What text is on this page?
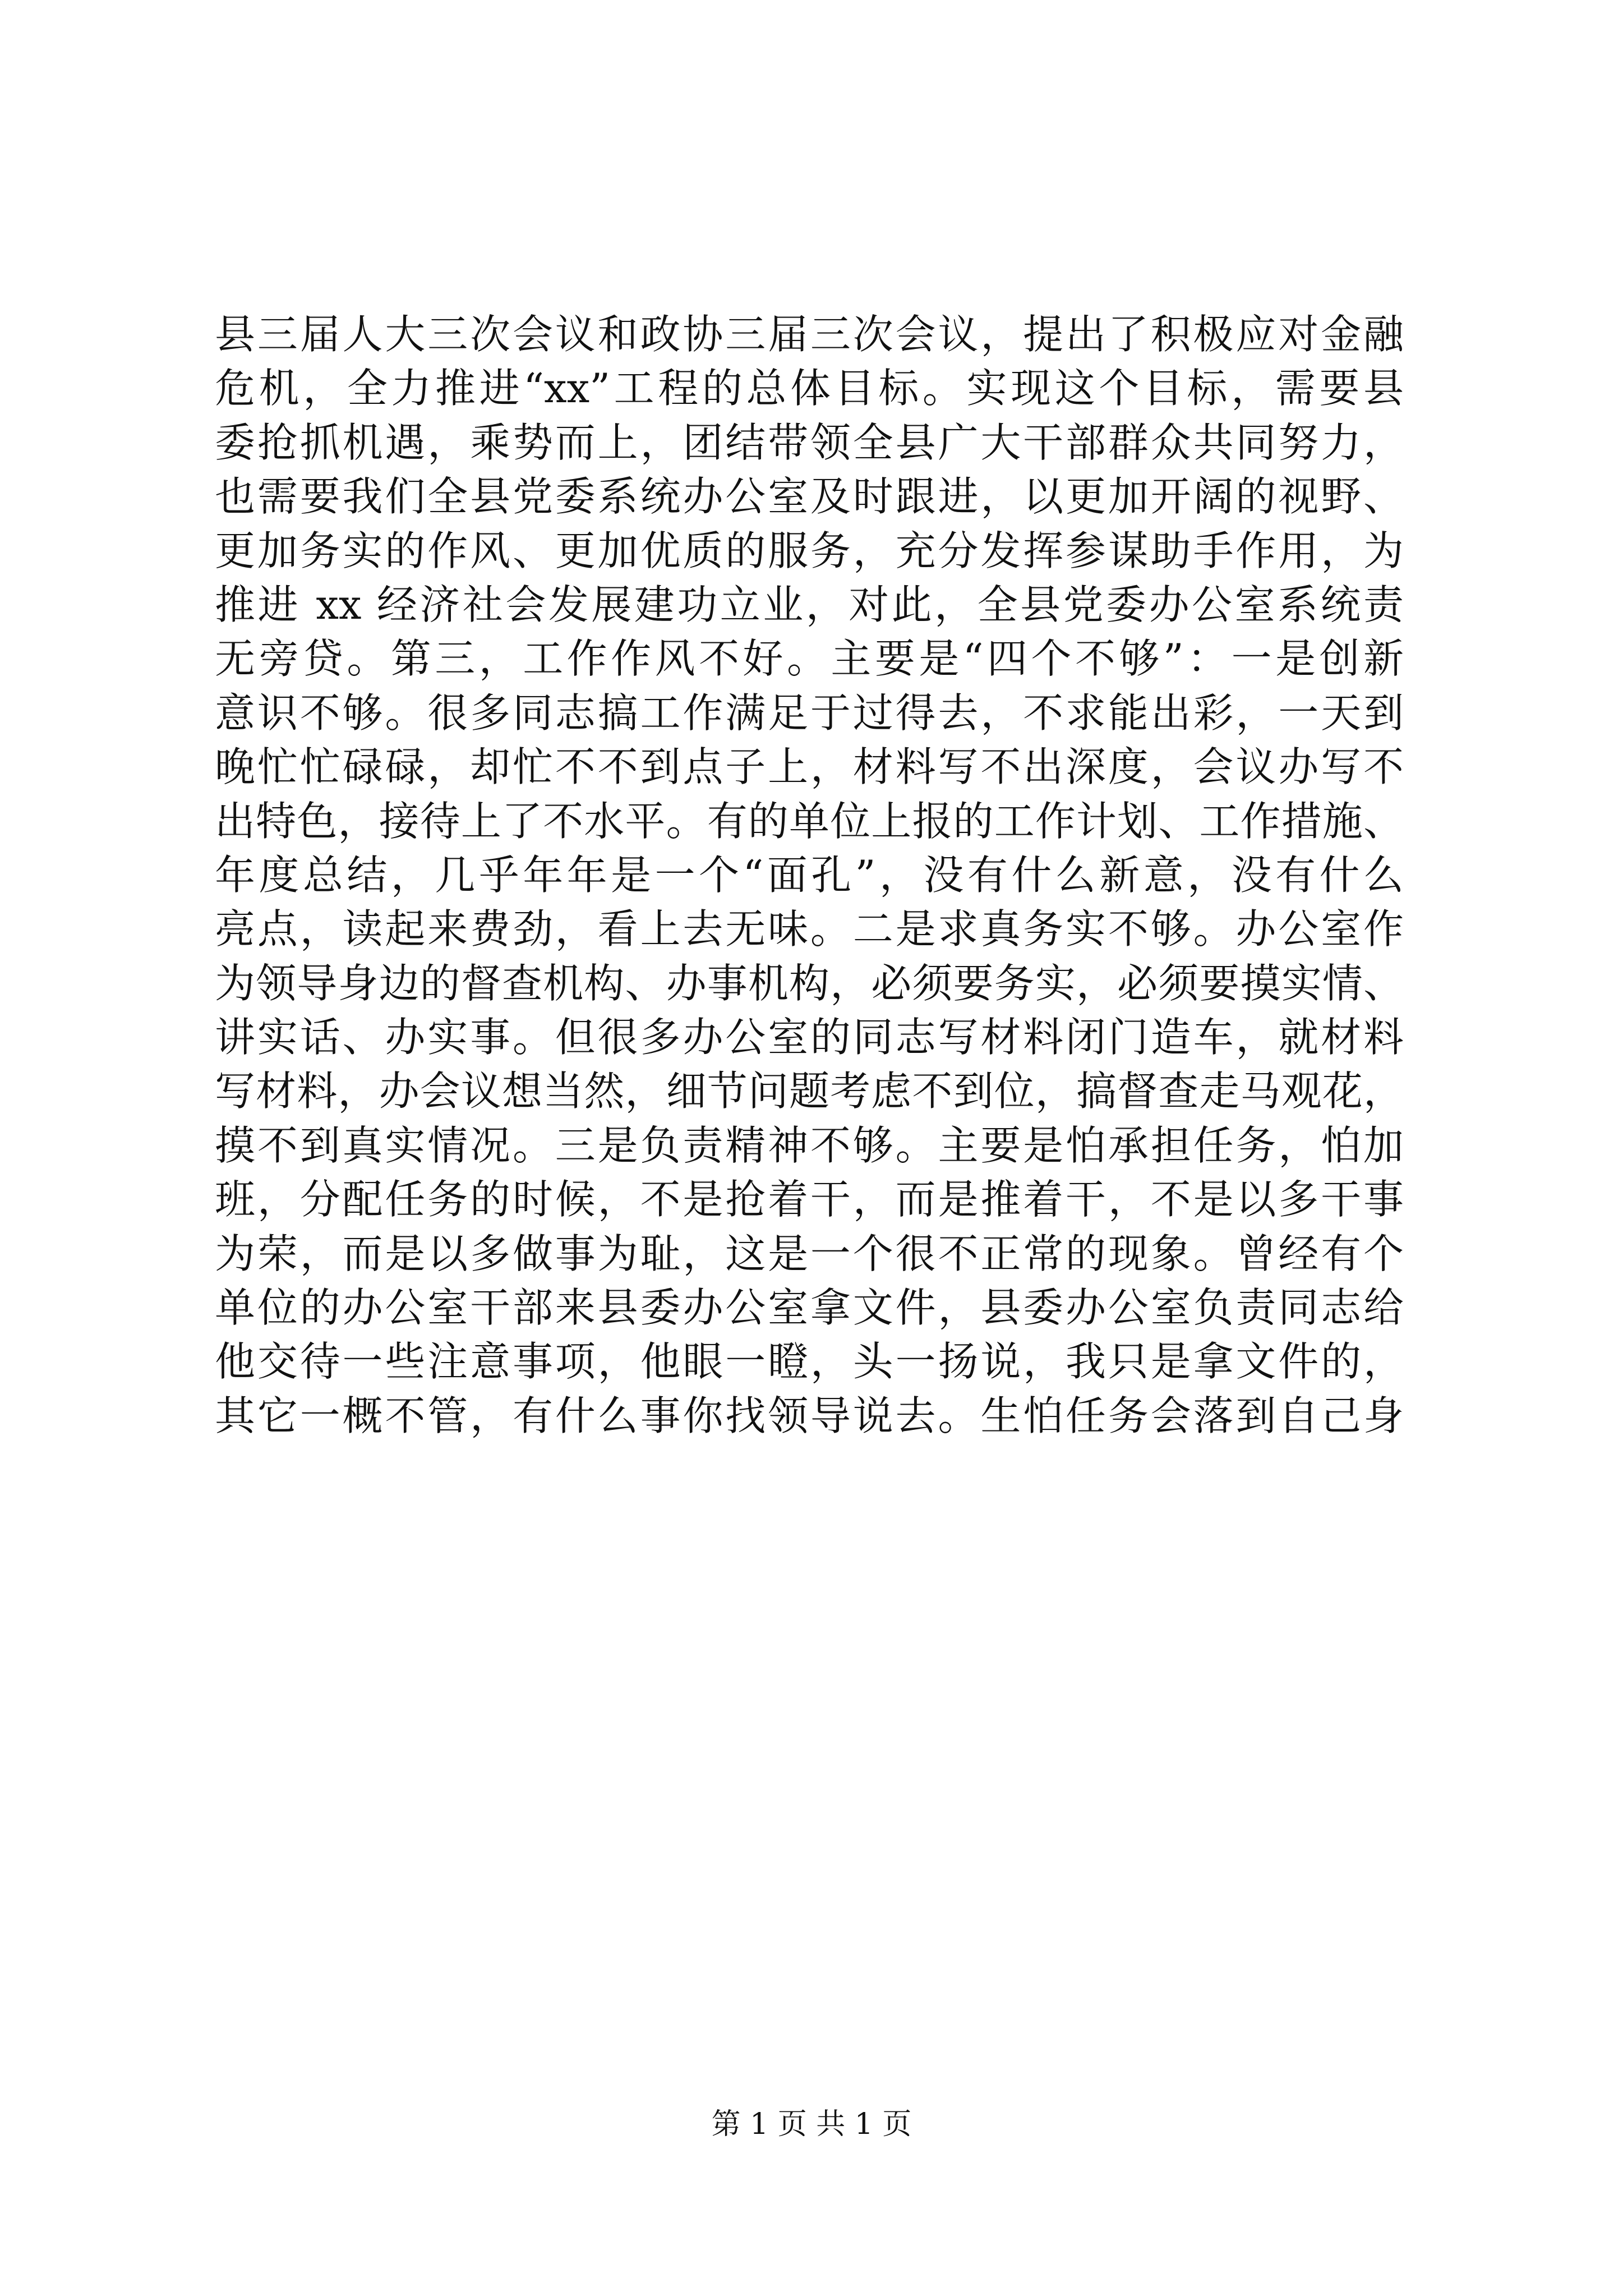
县三届人大三次会议和政协三届三次会议，提出了积极应对金融
危机，全力推进“xx”工程的总体目标。实现这个目标，需要县
委抢抓机遇，乘势而上，团结带领全县广大干部群众共同努力，
也需要我们全县党委系统办公室及时跟进，以更加开阔的视野、
更加务实的作风、更加优质的服务，充分发挥参谋助手作用，为
推进 xx 经济社会发展建功立业，对此，全县党委办公室系统责
无旁贷。第三，工作作风不好。主要是“四个不够”：一是创新
意识不够。很多同志搞工作满足于过得去，不求能出彩，一天到
晚忙忙碌碌，却忙不不到点子上，材料写不出深度，会议办写不
出特色，接待上了不水平。有的单位上报的工作计划、工作措施、
年度总结，几乎年年是一个“面孔”，没有什么新意，没有什么
亮点，读起来费劲，看上去无味。二是求真务实不够。办公室作
为领导身边的督查机构、办事机构，必须要务实，必须要摸实情、
讲实话、办实事。但很多办公室的同志写材料闭门造车，就材料
写材料，办会议想当然，细节问题考虑不到位，搞督查走马观花，
摸不到真实情况。三是负责精神不够。主要是怕承担任务，怕加
班，分配任务的时候，不是抢着干，而是推着干，不是以多干事
为荣，而是以多做事为耻，这是一个很不正常的现象。曾经有个
单位的办公室干部来县委办公室拿文件，县委办公室负责同志给
他交待一些注意事项，他眼一瞪，头一扬说，我只是拿文件的，
其它一概不管，有什么事你找领导说去。生怕任务会落到自己身
第 1 页 共 1 页
